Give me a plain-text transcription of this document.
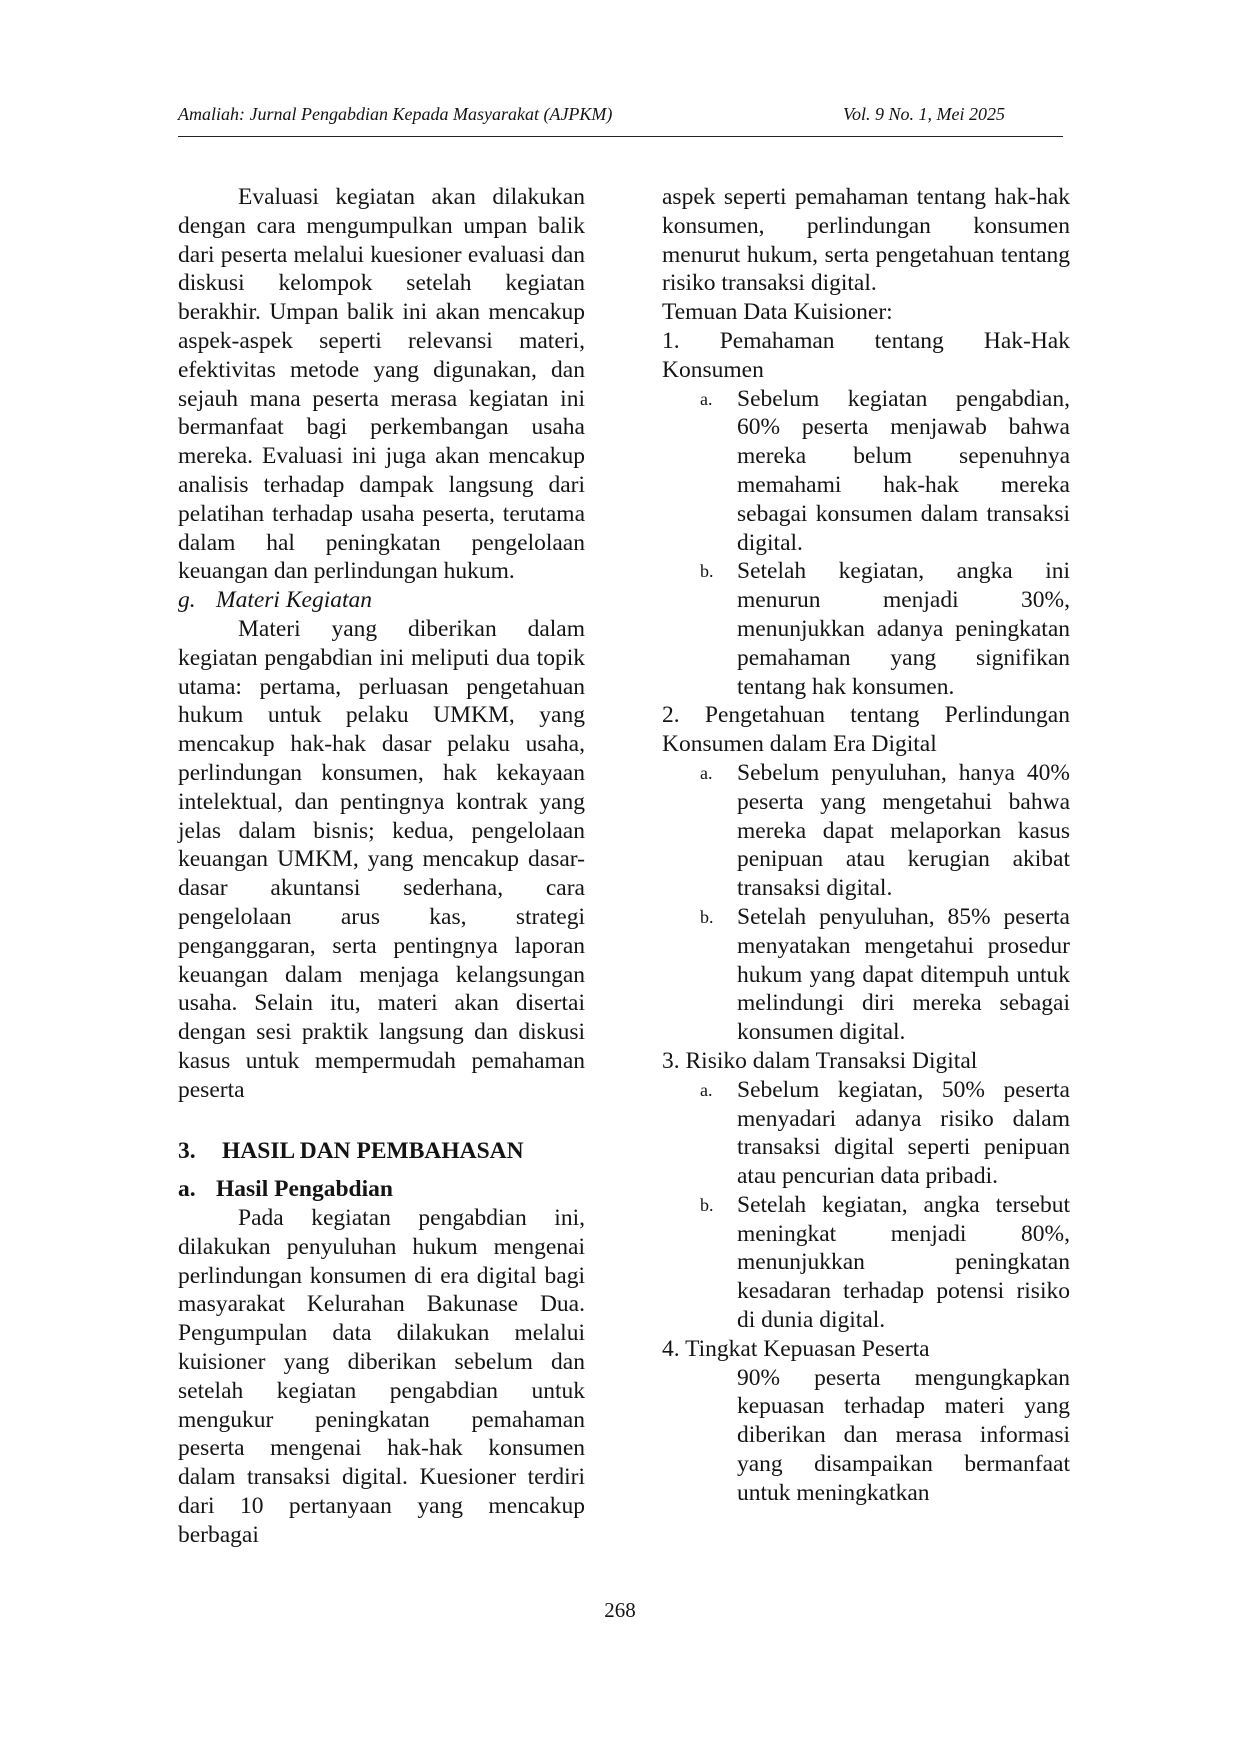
Amaliah: Jurnal Pengabdian Kepada Masyarakat (AJPKM)	Vol. 9 No. 1, Mei 2025

Evaluasi kegiatan akan dilakukan dengan cara mengumpulkan umpan balik dari peserta melalui kuesioner evaluasi dan diskusi kelompok setelah kegiatan berakhir. Umpan balik ini akan mencakup aspek-aspek seperti relevansi materi, efektivitas metode yang digunakan, dan sejauh mana peserta merasa kegiatan ini bermanfaat bagi perkembangan usaha mereka. Evaluasi ini juga akan mencakup analisis terhadap dampak langsung dari pelatihan terhadap usaha peserta, terutama dalam hal peningkatan pengelolaan keuangan dan perlindungan hukum.

g. Materi Kegiatan

Materi yang diberikan dalam kegiatan pengabdian ini meliputi dua topik utama: pertama, perluasan pengetahuan hukum untuk pelaku UMKM, yang mencakup hak-hak dasar pelaku usaha, perlindungan konsumen, hak kekayaan intelektual, dan pentingnya kontrak yang jelas dalam bisnis; kedua, pengelolaan keuangan UMKM, yang mencakup dasar-dasar akuntansi sederhana, cara pengelolaan arus kas, strategi penganggaran, serta pentingnya laporan keuangan dalam menjaga kelangsungan usaha. Selain itu, materi akan disertai dengan sesi praktik langsung dan diskusi kasus untuk mempermudah pemahaman peserta

3. HASIL DAN PEMBAHASAN

a. Hasil Pengabdian

Pada kegiatan pengabdian ini, dilakukan penyuluhan hukum mengenai perlindungan konsumen di era digital bagi masyarakat Kelurahan Bakunase Dua. Pengumpulan data dilakukan melalui kuisioner yang diberikan sebelum dan setelah kegiatan pengabdian untuk mengukur peningkatan pemahaman peserta mengenai hak-hak konsumen dalam transaksi digital. Kuesioner terdiri dari 10 pertanyaan yang mencakup berbagai

aspek seperti pemahaman tentang hak-hak konsumen, perlindungan konsumen menurut hukum, serta pengetahuan tentang risiko transaksi digital.

Temuan Data Kuisioner:

1. Pemahaman tentang Hak-Hak Konsumen

a. Sebelum kegiatan pengabdian, 60% peserta menjawab bahwa mereka belum sepenuhnya memahami hak-hak mereka sebagai konsumen dalam transaksi digital.
b. Setelah kegiatan, angka ini menurun menjadi 30%, menunjukkan adanya peningkatan pemahaman yang signifikan tentang hak konsumen.

2. Pengetahuan tentang Perlindungan Konsumen dalam Era Digital

a. Sebelum penyuluhan, hanya 40% peserta yang mengetahui bahwa mereka dapat melaporkan kasus penipuan atau kerugian akibat transaksi digital.
b. Setelah penyuluhan, 85% peserta menyatakan mengetahui prosedur hukum yang dapat ditempuh untuk melindungi diri mereka sebagai konsumen digital.

3. Risiko dalam Transaksi Digital

a. Sebelum kegiatan, 50% peserta menyadari adanya risiko dalam transaksi digital seperti penipuan atau pencurian data pribadi.
b. Setelah kegiatan, angka tersebut meningkat menjadi 80%, menunjukkan peningkatan kesadaran terhadap potensi risiko di dunia digital.

4. Tingkat Kepuasan Peserta

90% peserta mengungkapkan kepuasan terhadap materi yang diberikan dan merasa informasi yang disampaikan bermanfaat untuk meningkatkan

268
